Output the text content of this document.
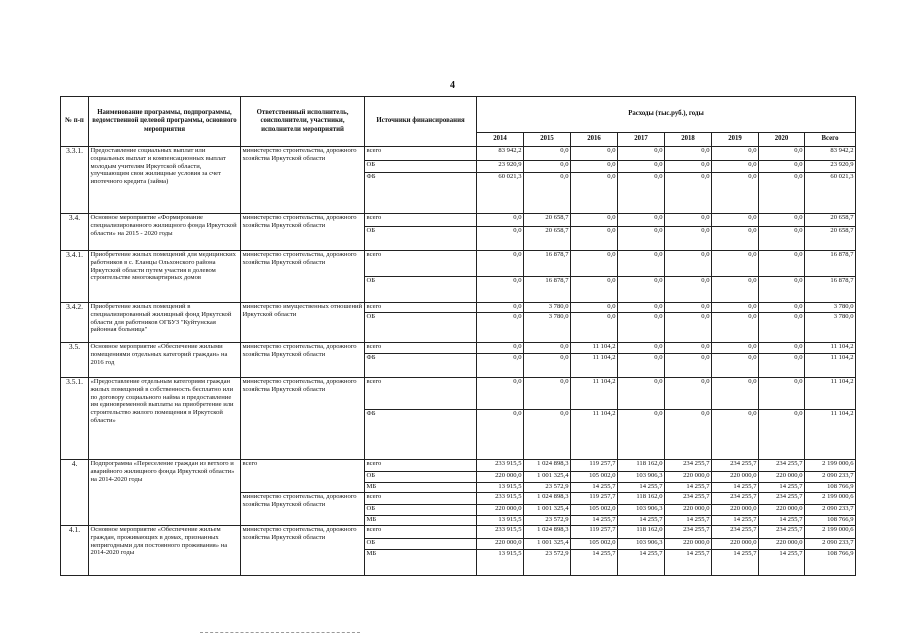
4
№ п-п	Наименование программы, подпрограммы, ведомственной целевой программы, основного мероприятия	Ответственный исполнитель, соисполнители, участники, исполнители мероприятий	Источники финансирования	Расходы (тыс.руб.), годы							
				2014	2015	2016	2017	2018	2019	2020	Всего
3.3.1.	Предоставление социальных выплат или социальных выплат и компенсационных выплат молодым учителям Иркутской области, улучшающим свои жилищные условия за счет ипотечного кредита (займа)	министерство строительства, дорожного хозяйства Иркутской области	всего	83 942,2	0,0	0,0	0,0	0,0	0,0	0,0	83 942,2
			ОБ	23 920,9	0,0	0,0	0,0	0,0	0,0	0,0	23 920,9
			ФБ	60 021,3	0,0	0,0	0,0	0,0	0,0	0,0	60 021,3
3.4.	Основное мероприятие «Формирование специализированного жилищного фонда Иркутской области» на 2015 - 2020 годы	министерство строительства, дорожного хозяйства Иркутской области	всего	0,0	20 658,7	0,0	0,0	0,0	0,0	0,0	20 658,7
			ОБ	0,0	20 658,7	0,0	0,0	0,0	0,0	0,0	20 658,7
3.4.1.	Приобретение жилых помещений для медицинских работников в с. Еланцы Ольхонского района Иркутской области путем участия в долевом строительстве многоквартирных домов	министерство строительства, дорожного хозяйства Иркутской области	всего	0,0	16 878,7	0,0	0,0	0,0	0,0	0,0	16 878,7
			ОБ	0,0	16 878,7	0,0	0,0	0,0	0,0	0,0	16 878,7
3.4.2.	Приобретение жилых помещений в специализированный жилищный фонд Иркутской области для работников ОГБУЗ "Куйтунская районная больница"	министерство имущественных отношений Иркутской области	всего	0,0	3 780,0	0,0	0,0	0,0	0,0	0,0	3 780,0
			ОБ	0,0	3 780,0	0,0	0,0	0,0	0,0	0,0	3 780,0
3.5.	Основное мероприятие «Обеспечение жилыми помещениями отдельных категорий граждан» на 2016 год	министерство строительства, дорожного хозяйства Иркутской области	всего	0,0	0,0	11 104,2	0,0	0,0	0,0	0,0	11 104,2
			ФБ	0,0	0,0	11 104,2	0,0	0,0	0,0	0,0	11 104,2
3.5.1.	«Предоставление отдельным категориям граждан жилых помещений в собственность бесплатно или по договору социального найма и предоставление им единовременной выплаты на приобретение или строительство жилого помещения в Иркутской области»	министерство строительства, дорожного хозяйства Иркутской области	всего	0,0	0,0	11 104,2	0,0	0,0	0,0	0,0	11 104,2
			ФБ	0,0	0,0	11 104,2	0,0	0,0	0,0	0,0	11 104,2
4.	Подпрограмма «Переселение граждан из ветхого и аварийного жилищного фонда Иркутской области» на 2014-2020 годы	всего	всего	233 915,5	1 024 898,3	119 257,7	118 162,0	234 255,7	234 255,7	234 255,7	2 199 000,6
			ОБ	220 000,0	1 001 325,4	105 002,0	103 906,3	220 000,0	220 000,0	220 000,0	2 090 233,7
			МБ	13 915,5	23 572,9	14 255,7	14 255,7	14 255,7	14 255,7	14 255,7	108 766,9
		министерство строительства, дорожного хозяйства Иркутской области	всего	233 915,5	1 024 898,3	119 257,7	118 162,0	234 255,7	234 255,7	234 255,7	2 199 000,6
			ОБ	220 000,0	1 001 325,4	105 002,0	103 906,3	220 000,0	220 000,0	220 000,0	2 090 233,7
			МБ	13 915,5	23 572,9	14 255,7	14 255,7	14 255,7	14 255,7	14 255,7	108 766,9
4.1.	Основное мероприятие «Обеспечение жильем граждан, проживающих в домах, признанных непригодными для постоянного проживания» на 2014-2020 годы	министерство строительства, дорожного хозяйства Иркутской области	всего	233 915,5	1 024 898,3	119 257,7	118 162,0	234 255,7	234 255,7	234 255,7	2 199 000,6
			ОБ	220 000,0	1 001 325,4	105 002,0	103 906,3	220 000,0	220 000,0	220 000,0	2 090 233,7
			МБ	13 915,5	23 572,9	14 255,7	14 255,7	14 255,7	14 255,7	14 255,7	108 766,9
